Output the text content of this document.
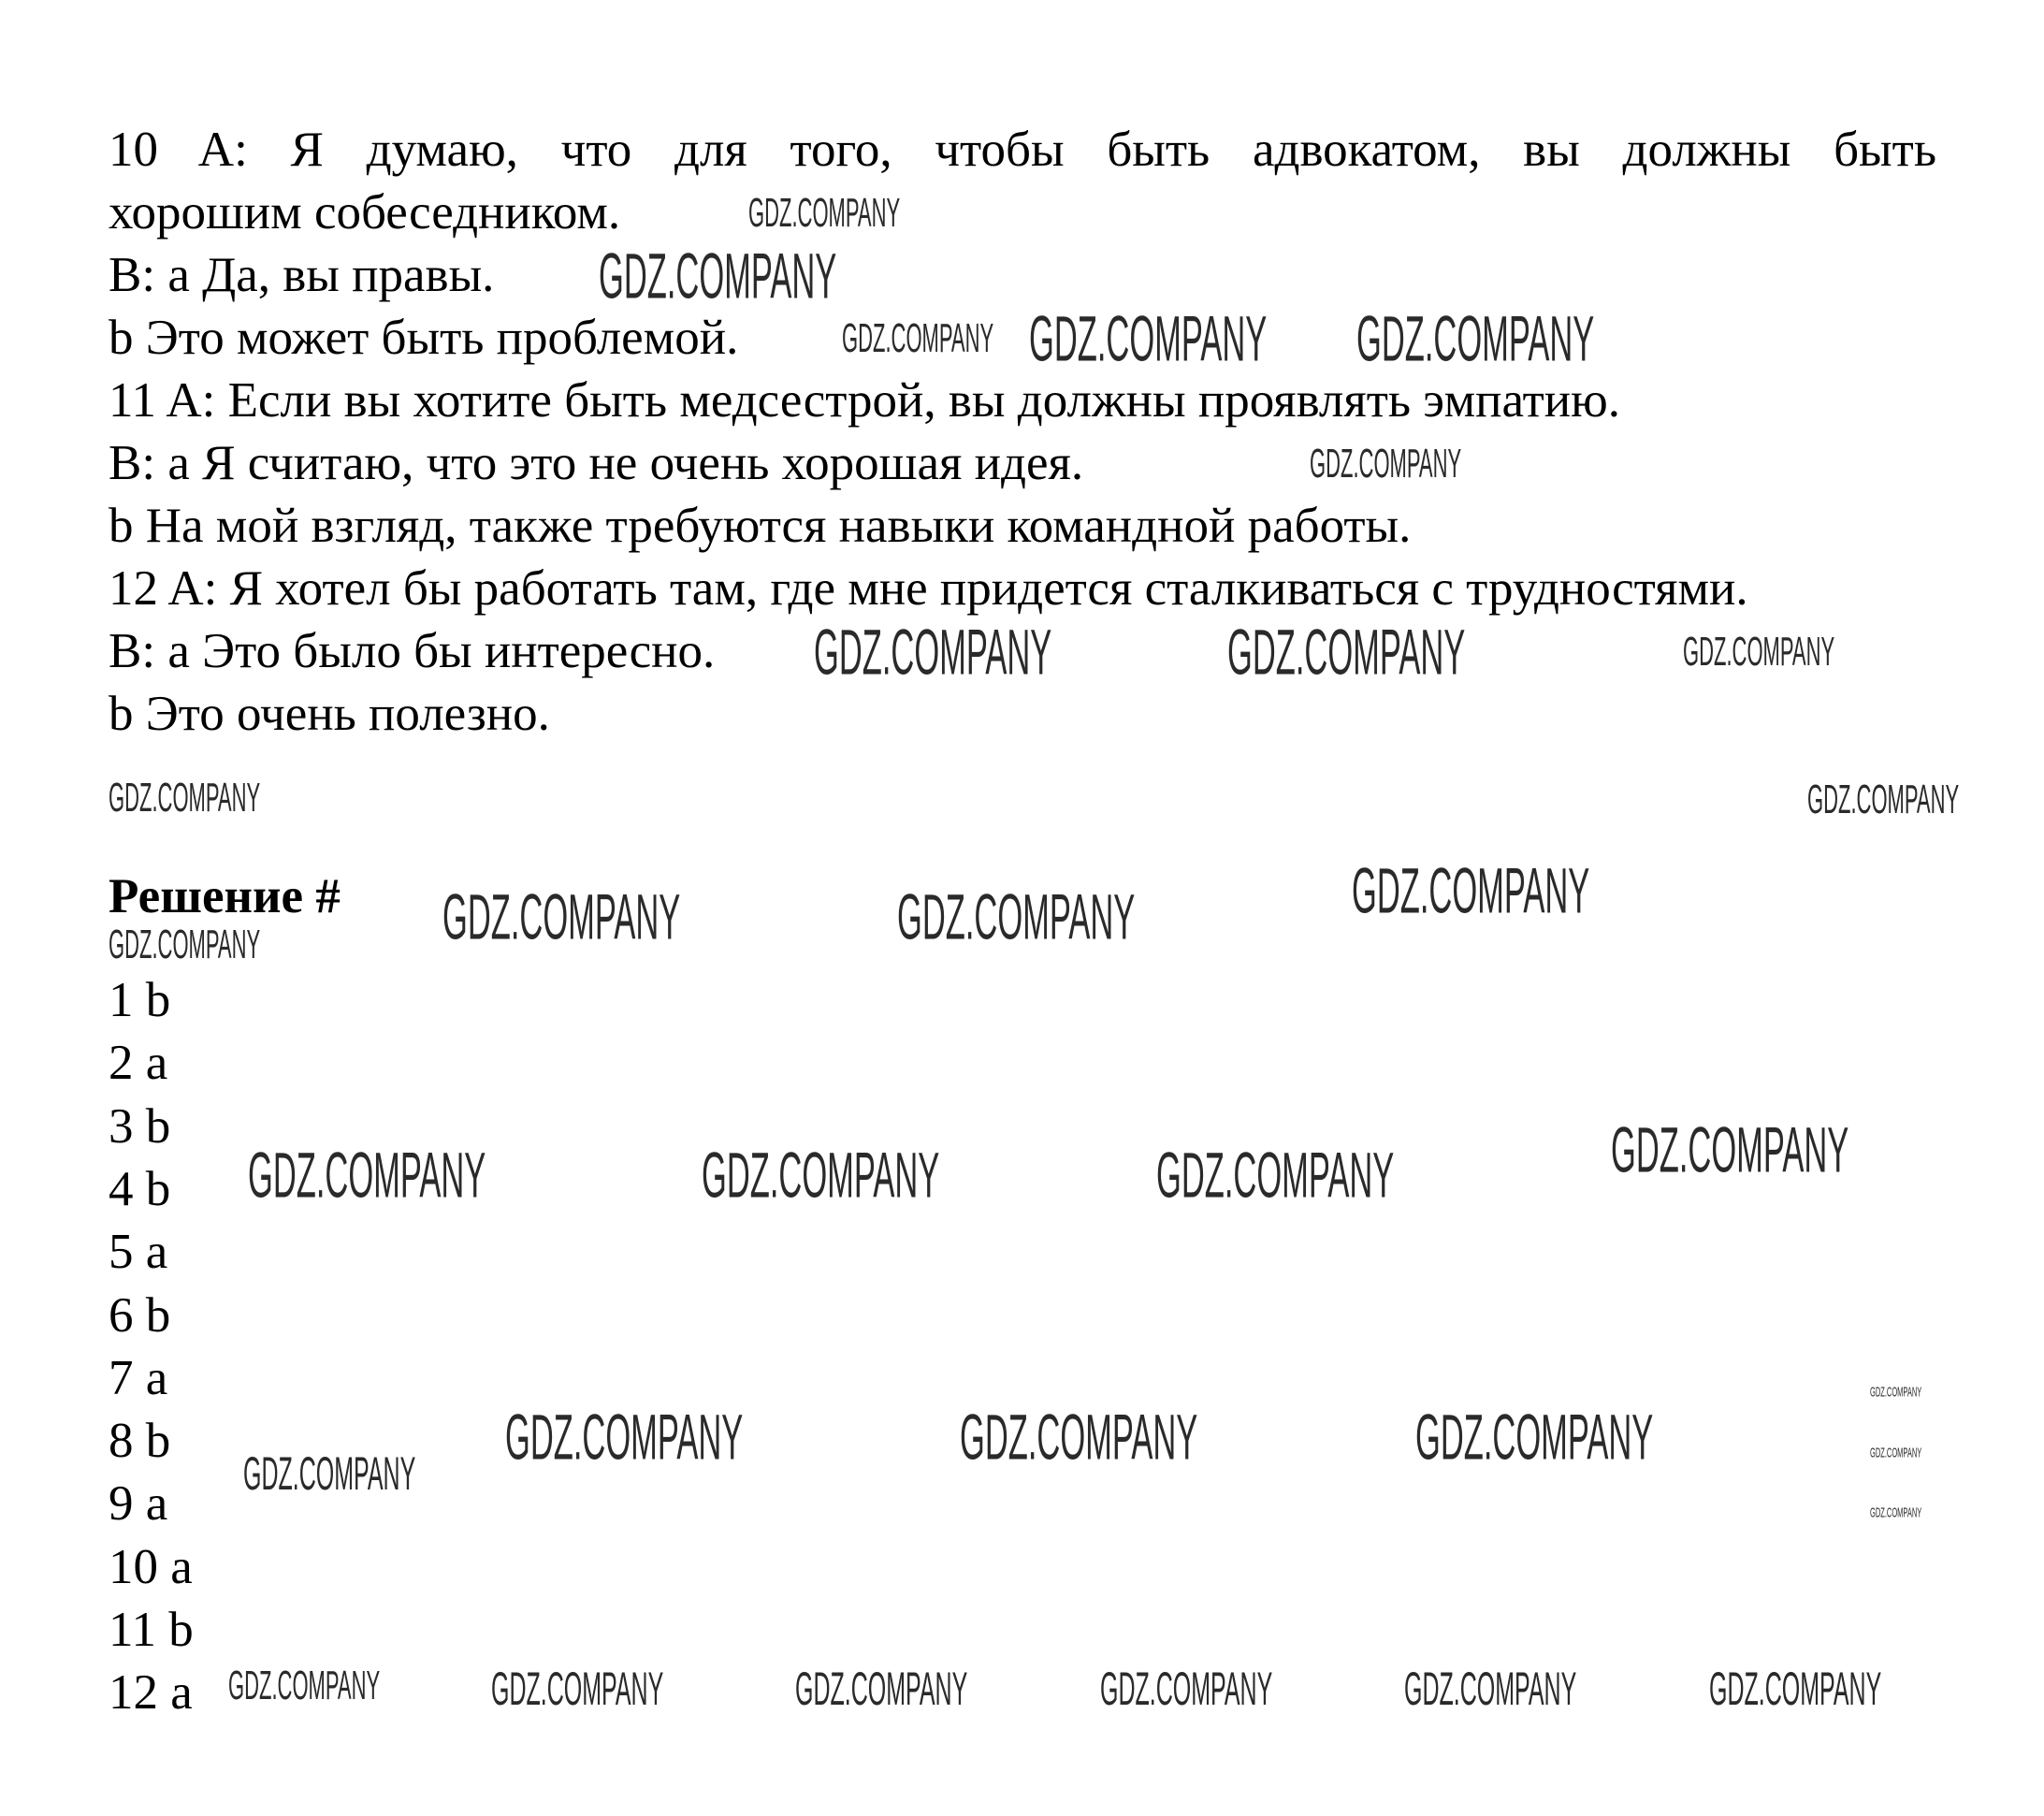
Решение #
10 A: Я думаю, что для того, чтобы быть адвокатом, вы должны быть
хорошим собеседником.
B: a Да, вы правы.
b Это может быть проблемой.
11 A: Если вы хотите быть медсестрой, вы должны проявлять эмпатию.
B: a Я считаю, что это не очень хорошая идея.
b На мой взгляд, также требуются навыки командной работы.
12 A: Я хотел бы работать там, где мне придется сталкиваться с трудностями.
B: a Это было бы интересно.
b Это очень полезно.
1 b
2 a
3 b
4 b
5 a
6 b
7 a
8 b
9 a
10 a
11 b
12 a
GDZ.COMPANY
GDZ.COMPANY
GDZ.COMPANY GDZ.COMPANY GDZ.COMPANY
GDZ.COMPANY
GDZ.COMPANY	GDZ.COMPANY	GDZ.COMPANY
GDZ.COMPANY	GDZ.COMPANY
GDZ.COMPANY	GDZ.COMPANY	GDZ.COMPANY
GDZ.COMPANY
GDZ.COMPANY	GDZ.COMPANY	GDZ.COMPANY	GDZ.COMPANY
GDZ.COMPANY
GDZ.COMPANY	GDZ.COMPANY	GDZ.COMPANY	GDZ.COMPANY
GDZ.COMPANY
GDZ.COMPANY
GDZ.COMPANY GDZ.COMPANY	GDZ.COMPANY	GDZ.COMPANY	GDZ.COMPANY	GDZ.COMPANY
